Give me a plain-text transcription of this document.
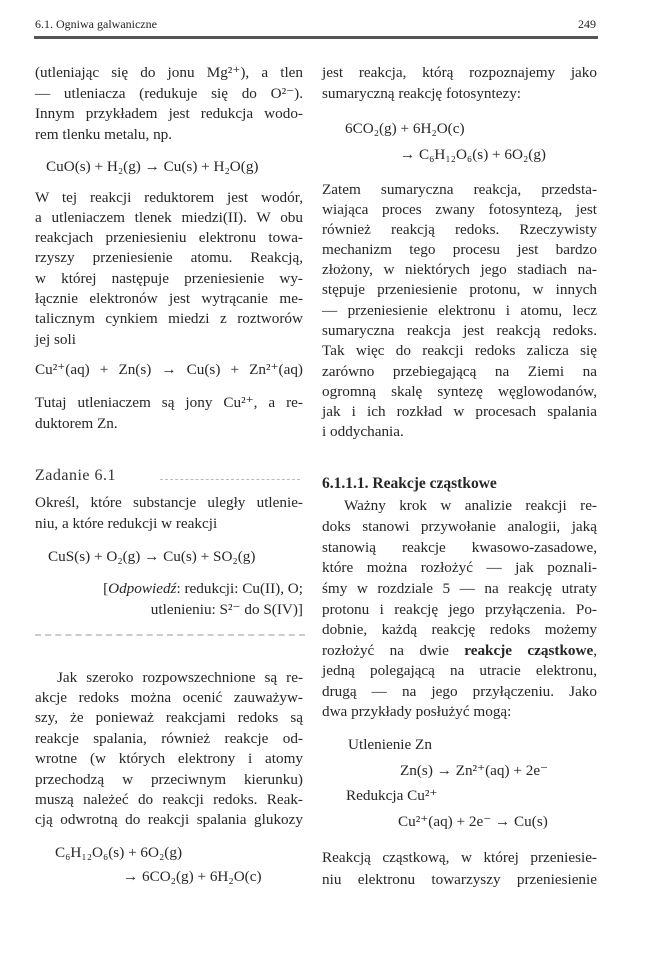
6.1. Ogniwa galwaniczne	249
(utleniając się do jonu Mg²⁺), a tlen
— utleniacza (redukuje się do O²⁻).
Innym przykładem jest redukcja wodo-
rem tlenku metalu, np.
CuO(s) + H₂(g) → Cu(s) + H₂O(g)
W tej reakcji reduktorem jest wodór,
a utleniaczem tlenek miedzi(II). W obu
reakcjach przeniesieniu elektronu towa-
rzyszy przeniesienie atomu. Reakcją,
w której następuje przeniesienie wy-
łącznie elektronów jest wytrącanie me-
talicznym cynkiem miedzi z roztworów
jej soli
Cu²⁺(aq) + Zn(s) → Cu(s) + Zn²⁺(aq)
Tutaj utleniaczem są jony Cu²⁺, a re-
duktorem Zn.
Zadanie 6.1
Określ, które substancje uległy utlenie-
niu, a które redukcji w reakcji
CuS(s) + O₂(g) → Cu(s) + SO₂(g)
[Odpowiedź: redukcji: Cu(II), O;
utlenieniu: S²⁻ do S(IV)]
Jak szeroko rozpowszechnione są re-
akcje redoks można ocenić zauważyw-
szy, że ponieważ reakcjami redoks są
reakcje spalania, również reakcje od-
wrotne (w których elektrony i atomy
przechodzą w przeciwnym kierunku)
muszą należeć do reakcji redoks. Reak-
cją odwrotną do reakcji spalania glukozy
C₆H₁₂O₆(s) + 6O₂(g)
→ 6CO₂(g) + 6H₂O(c)
jest reakcja, którą rozpoznajemy jako
sumaryczną reakcję fotosyntezy:
6CO₂(g) + 6H₂O(c)
→ C₆H₁₂O₆(s) + 6O₂(g)
Zatem sumaryczna reakcja, przedsta-
wiająca proces zwany fotosyntezą, jest
również reakcją redoks. Rzeczywisty
mechanizm tego procesu jest bardzo
złożony, w niektórych jego stadiach na-
stępuje przeniesienie protonu, w innych
— przeniesienie elektronu i atomu, lecz
sumaryczna reakcja jest reakcją redoks.
Tak więc do reakcji redoks zalicza się
zarówno przebiegającą na Ziemi na
ogromną skalę syntezę węglowodanów,
jak i ich rozkład w procesach spalania
i oddychania.
6.1.1.1. Reakcje cząstkowe
Ważny krok w analizie reakcji re-
doks stanowi przywołanie analogii, jaką
stanowią reakcje kwasowo-zasadowe,
które można rozłożyć — jak poznali-
śmy w rozdziale 5 — na reakcję utraty
protonu i reakcję jego przyłączenia. Po-
dobnie, każdą reakcję redoks możemy
rozłożyć na dwie reakcje cząstkowe,
jedną polegającą na utracie elektronu,
drugą — na jego przyłączeniu. Jako
dwa przykłady posłużyć mogą:
Utlenienie Zn
Zn(s) → Zn²⁺(aq) + 2e⁻
Redukcja Cu²⁺
Cu²⁺(aq) + 2e⁻ → Cu(s)
Reakcją cząstkową, w której przeniesie-
niu elektronu towarzyszy przeniesienie
